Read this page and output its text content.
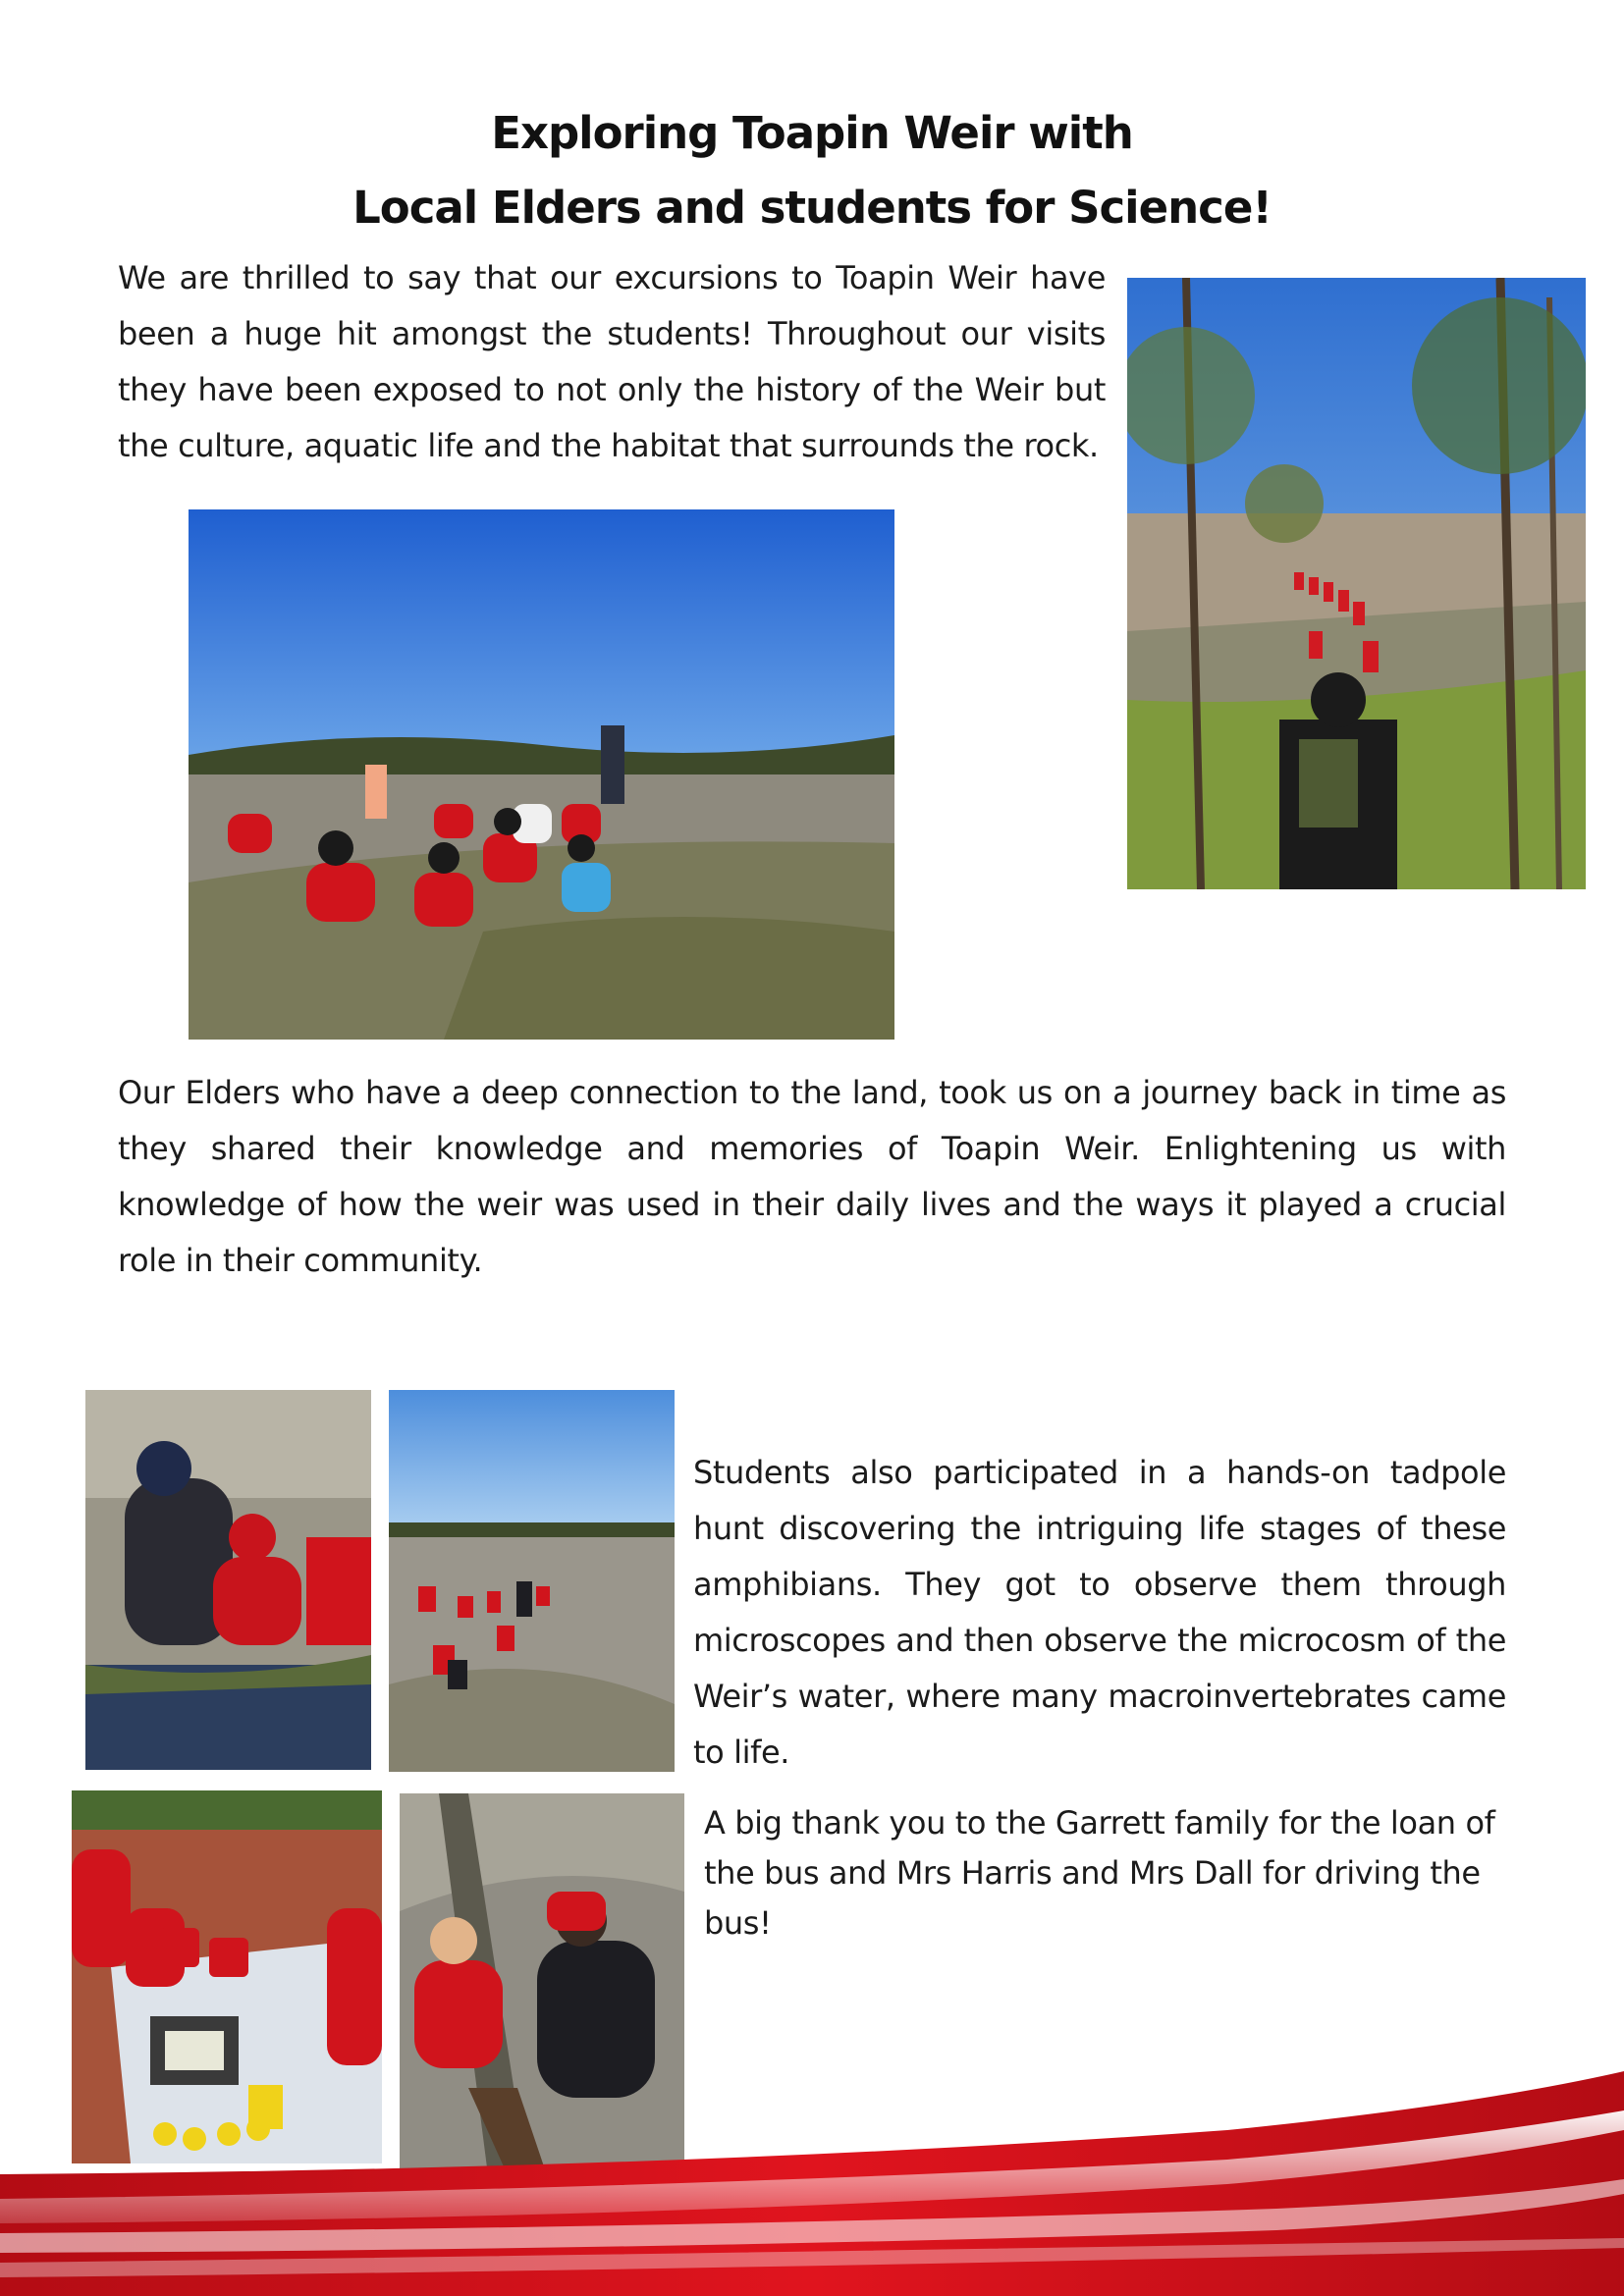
Exploring Toapin Weir with
Local Elders and students for Science!

We are thrilled to say that our excursions to Toapin Weir have been a huge hit amongst the students! Throughout our visits they have been exposed to not only the history of the Weir but the culture, aquatic life and the habitat that surrounds the rock.

Our Elders who have a deep connection to the land, took us on a journey back in time as they shared their knowledge and memories of Toapin Weir. Enlightening us with knowledge of how the weir was used in their daily lives and the ways it played a crucial role in their community.

Students also participated in a hands-on tadpole hunt discovering the intriguing life stages of these amphibians. They got to observe them through microscopes and then observe the microcosm of the Weir’s water, where many macroinvertebrates came to life.

A big thank you to the Garrett family for the loan of the bus and Mrs Harris and Mrs Dall for driving the bus!
